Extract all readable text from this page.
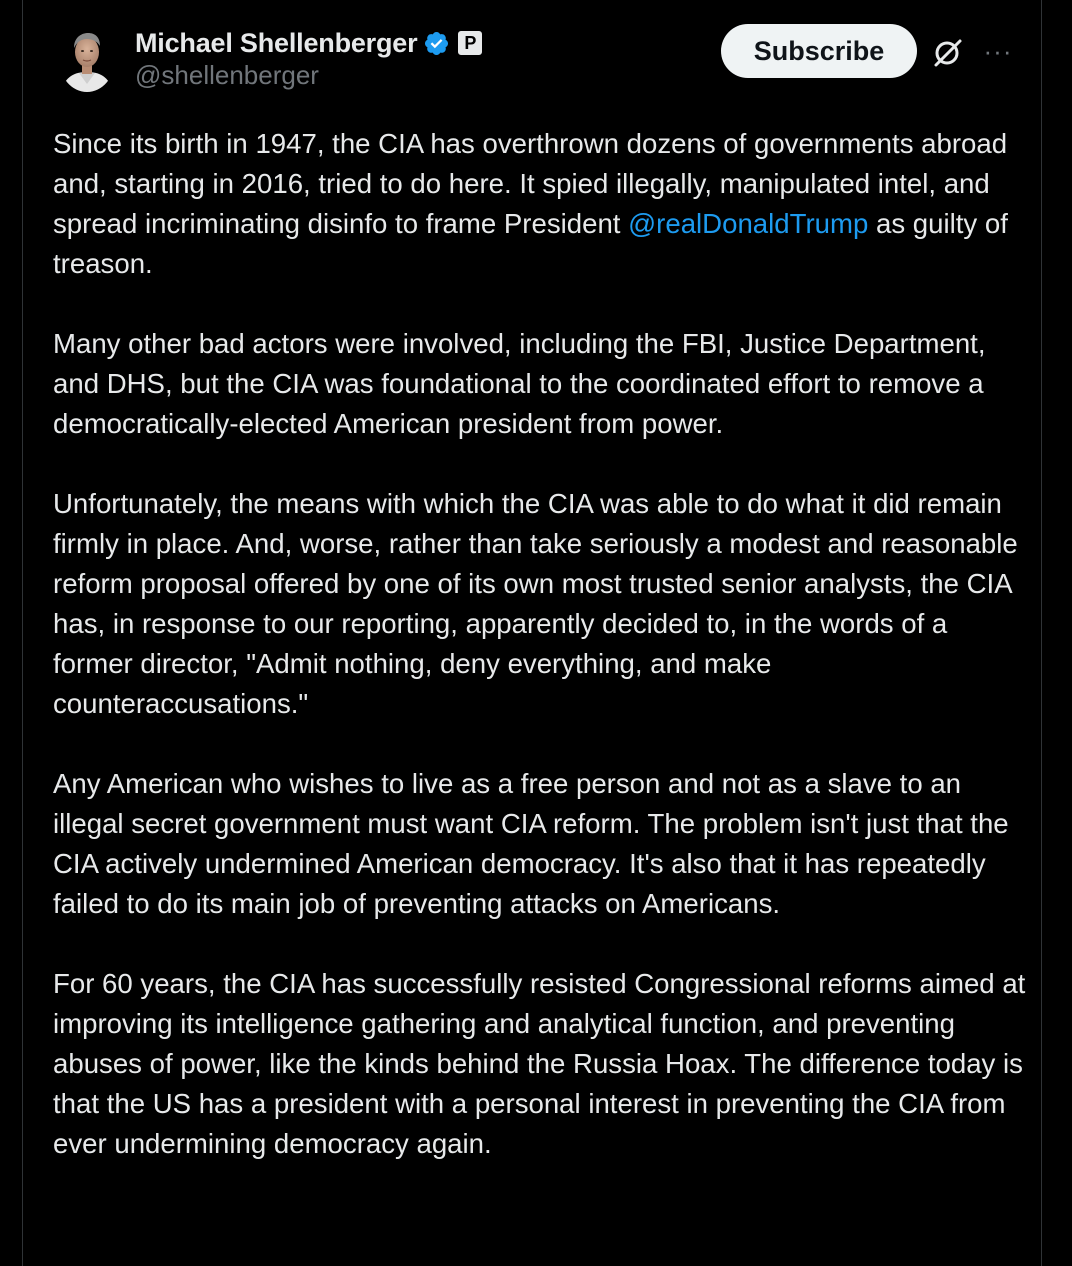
Michael Shellenberger	P
@shellenberger
Subscribe	···

Since its birth in 1947, the CIA has overthrown dozens of governments abroad and, starting in 2016, tried to do here. It spied illegally, manipulated intel, and spread incriminating disinfo to frame President @realDonaldTrump as guilty of treason.

Many other bad actors were involved, including the FBI, Justice Department, and DHS, but the CIA was foundational to the coordinated effort to remove a democratically-elected American president from power.

Unfortunately, the means with which the CIA was able to do what it did remain firmly in place. And, worse, rather than take seriously a modest and reasonable reform proposal offered by one of its own most trusted senior analysts, the CIA has, in response to our reporting, apparently decided to, in the words of a former director, "Admit nothing, deny everything, and make counteraccusations."

Any American who wishes to live as a free person and not as a slave to an illegal secret government must want CIA reform. The problem isn't just that the CIA actively undermined American democracy. It's also that it has repeatedly failed to do its main job of preventing attacks on Americans.

For 60 years, the CIA has successfully resisted Congressional reforms aimed at improving its intelligence gathering and analytical function, and preventing abuses of power, like the kinds behind the Russia Hoax. The difference today is that the US has a president with a personal interest in preventing the CIA from ever undermining democracy again.
